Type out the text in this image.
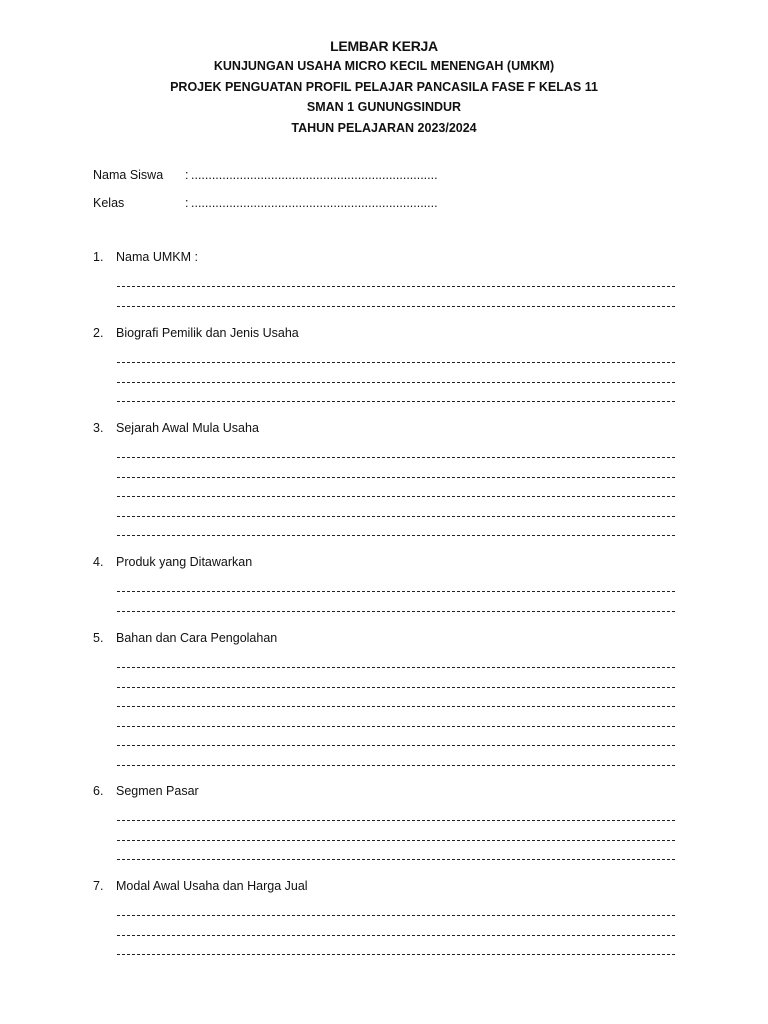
LEMBAR KERJA
KUNJUNGAN USAHA MICRO KECIL MENENGAH (UMKM)
PROJEK PENGUATAN PROFIL PELAJAR PANCASILA FASE F KELAS 11
SMAN 1 GUNUNGSINDUR
TAHUN PELAJARAN 2023/2024
Nama Siswa : .......................................................................
Kelas	: .......................................................................
1. Nama UMKM :
2. Biografi Pemilik dan Jenis Usaha
3. Sejarah Awal Mula Usaha
4. Produk yang Ditawarkan
5. Bahan dan Cara Pengolahan
6. Segmen Pasar
7. Modal Awal Usaha dan Harga Jual
